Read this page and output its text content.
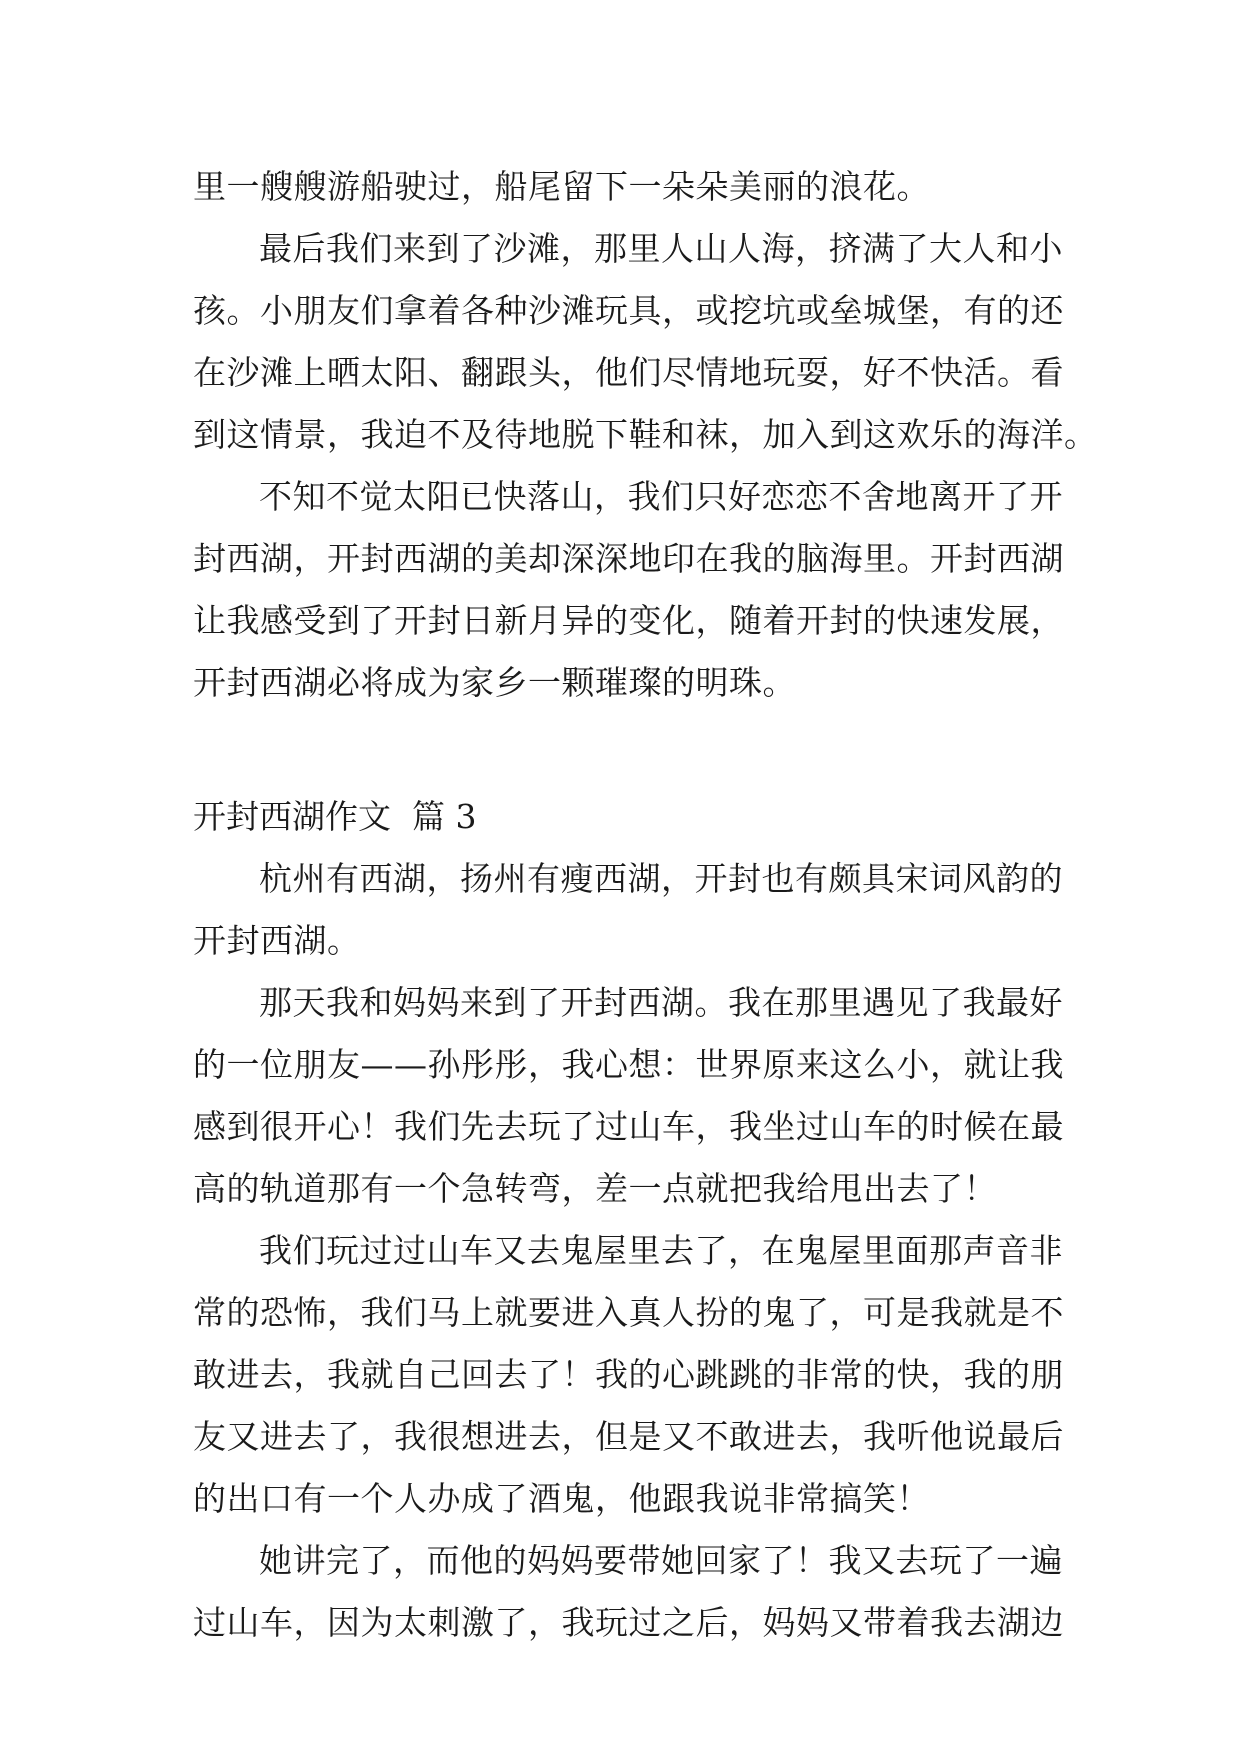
里一艘艘游船驶过，船尾留下一朵朵美丽的浪花。
最后我们来到了沙滩，那里人山人海，挤满了大人和小
孩。小朋友们拿着各种沙滩玩具，或挖坑或垒城堡，有的还
在沙滩上晒太阳、翻跟头，他们尽情地玩耍，好不快活。看
到这情景，我迫不及待地脱下鞋和袜，加入到这欢乐的海洋。
不知不觉太阳已快落山，我们只好恋恋不舍地离开了开
封西湖，开封西湖的美却深深地印在我的脑海里。开封西湖
让我感受到了开封日新月异的变化，随着开封的快速发展，
开封西湖必将成为家乡一颗璀璨的明珠。
开封西湖作文  篇 3
杭州有西湖，扬州有瘦西湖，开封也有颇具宋词风韵的
开封西湖。
那天我和妈妈来到了开封西湖。我在那里遇见了我最好
的一位朋友——孙彤彤，我心想：世界原来这么小，就让我
感到很开心！我们先去玩了过山车，我坐过山车的时候在最
高的轨道那有一个急转弯，差一点就把我给甩出去了！
我们玩过过山车又去鬼屋里去了，在鬼屋里面那声音非
常的恐怖，我们马上就要进入真人扮的鬼了，可是我就是不
敢进去，我就自己回去了！我的心跳跳的非常的快，我的朋
友又进去了，我很想进去，但是又不敢进去，我听他说最后
的出口有一个人办成了酒鬼，他跟我说非常搞笑！
她讲完了，而他的妈妈要带她回家了！我又去玩了一遍
过山车，因为太刺激了，我玩过之后，妈妈又带着我去湖边
